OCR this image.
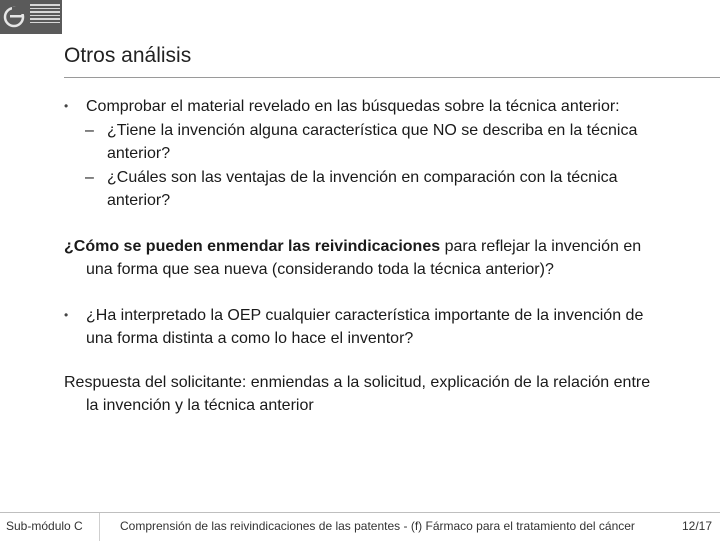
Otros análisis
• Comprobar el material revelado en las búsquedas sobre la técnica anterior:
– ¿Tiene la invención alguna característica que NO se describa en la técnica anterior?
– ¿Cuáles son las ventajas de la invención en comparación con la técnica anterior?
¿Cómo se pueden enmendar las reivindicaciones para reflejar la invención en una forma que sea nueva (considerando toda la técnica anterior)?
• ¿Ha interpretado la OEP cualquier característica importante de la invención de una forma distinta a como lo hace el inventor?
Respuesta del solicitante: enmiendas a la solicitud, explicación de la relación entre la invención y la técnica anterior
Sub-módulo C	Comprensión de las reivindicaciones de las patentes - (f) Fármaco para el tratamiento del cáncer	12/17
